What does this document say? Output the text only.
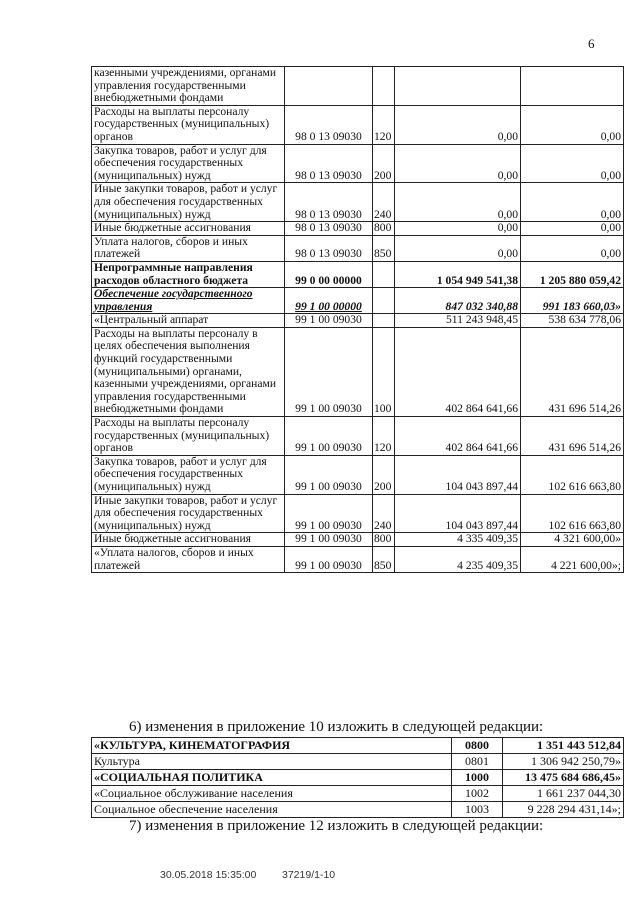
6
казенными учреждениями, органами управления государственными внебюджетными фондами				
Расходы на выплаты персоналу государственных (муниципальных) органов	98 0 13 09030	120	0,00	0,00
Закупка товаров, работ и услуг для обеспечения государственных (муниципальных) нужд	98 0 13 09030	200	0,00	0,00
Иные закупки товаров, работ и услуг для обеспечения государственных (муниципальных) нужд	98 0 13 09030	240	0,00	0,00
Иные бюджетные ассигнования	98 0 13 09030	800	0,00	0,00
Уплата налогов, сборов и иных платежей	98 0 13 09030	850	0,00	0,00
Непрограммные направления расходов областного бюджета	99 0 00 00000		1 054 949 541,38	1 205 880 059,42
Обеспечение государственного управления	99 1 00 00000		847 032 340,88	991 183 660,03»
«Центральный аппарат	99 1 00 09030		511 243 948,45	538 634 778,06
Расходы на выплаты персоналу в целях обеспечения выполнения функций государственными (муниципальными) органами, казенными учреждениями, органами управления государственными внебюджетными фондами	99 1 00 09030	100	402 864 641,66	431 696 514,26
Расходы на выплаты персоналу государственных (муниципальных) органов	99 1 00 09030	120	402 864 641,66	431 696 514,26
Закупка товаров, работ и услуг для обеспечения государственных (муниципальных) нужд	99 1 00 09030	200	104 043 897,44	102 616 663,80
Иные закупки товаров, работ и услуг для обеспечения государственных (муниципальных) нужд	99 1 00 09030	240	104 043 897,44	102 616 663,80
Иные бюджетные ассигнования	99 1 00 09030	800	4 335 409,35	4 321 600,00»
«Уплата налогов, сборов и иных платежей	99 1 00 09030	850	4 235 409,35	4 221 600,00»;
6) изменения в приложение 10 изложить в следующей редакции:
«КУЛЬТУРА, КИНЕМАТОГРАФИЯ	0800	1 351 443 512,84
Культура	0801	1 306 942 250,79»
«СОЦИАЛЬНАЯ ПОЛИТИКА	1000	13 475 684 686,45»
«Социальное обслуживание населения	1002	1 661 237 044,30
Социальное обеспечение населения	1003	9 228 294 431,14»;
7) изменения в приложение 12 изложить в следующей редакции:
30.05.2018 15:35:00 37219/1-10
